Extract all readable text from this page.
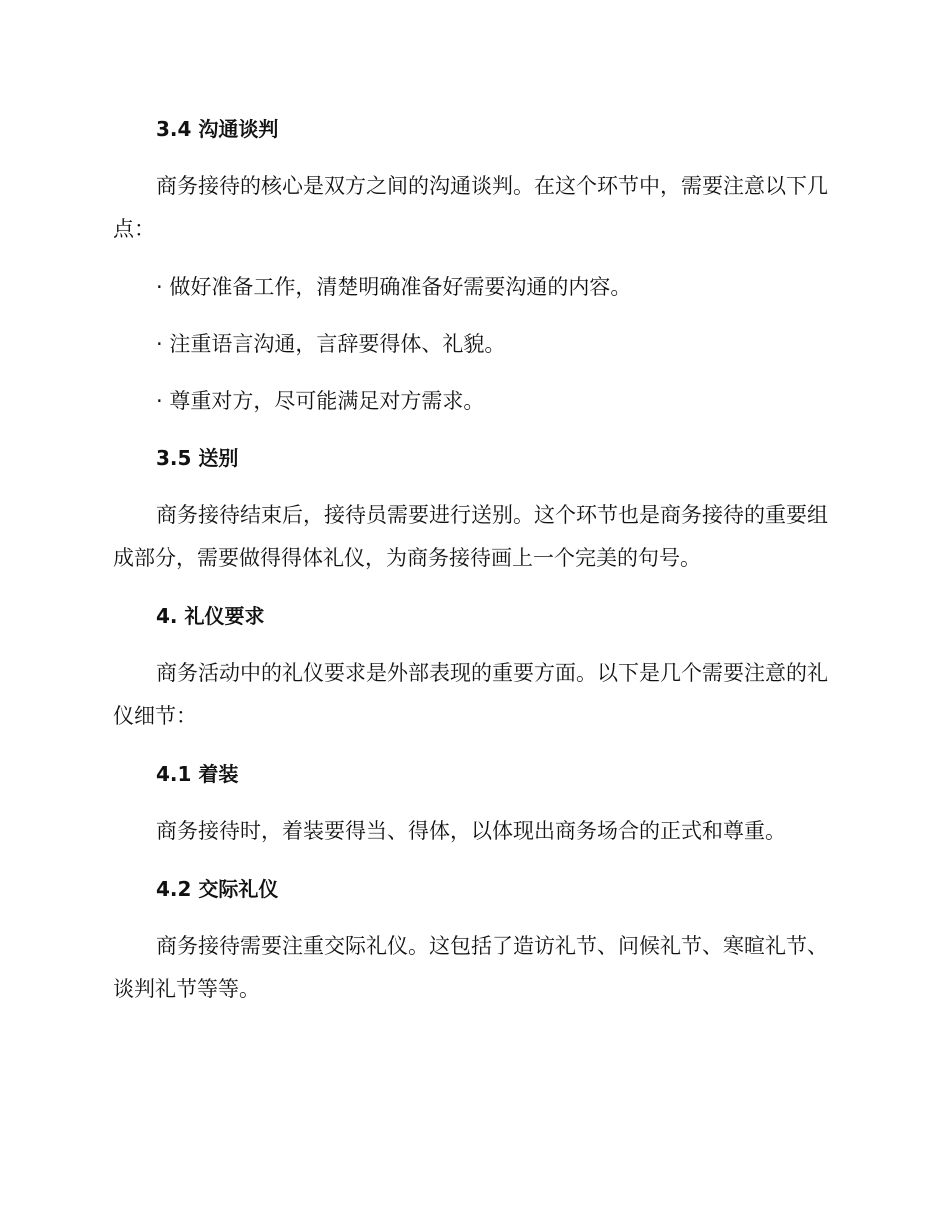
3.4 沟通谈判

商务接待的核心是双方之间的沟通谈判。在这个环节中，需要注意以下几点：

· 做好准备工作，清楚明确准备好需要沟通的内容。

· 注重语言沟通，言辞要得体、礼貌。

· 尊重对方，尽可能满足对方需求。

3.5 送别

商务接待结束后，接待员需要进行送别。这个环节也是商务接待的重要组成部分，需要做得得体礼仪，为商务接待画上一个完美的句号。

4. 礼仪要求

商务活动中的礼仪要求是外部表现的重要方面。以下是几个需要注意的礼仪细节：

4.1 着装

商务接待时，着装要得当、得体，以体现出商务场合的正式和尊重。

4.2 交际礼仪

商务接待需要注重交际礼仪。这包括了造访礼节、问候礼节、寒暄礼节、谈判礼节等等。
